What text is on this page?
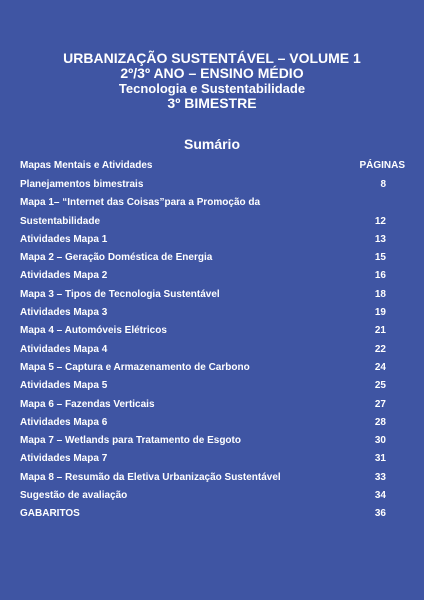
URBANIZAÇÃO SUSTENTÁVEL – VOLUME 1
2º/3º ANO – ENSINO MÉDIO
Tecnologia e Sustentabilidade
3º BIMESTRE
Sumário
Mapas Mentais e Atividades	PÁGINAS
Planejamentos bimestrais	8
Mapa 1– “Internet das Coisas”para a Promoção da
Sustentabilidade	12
Atividades Mapa 1	13
Mapa 2 – Geração Doméstica de Energia	15
Atividades Mapa 2	16
Mapa 3 – Tipos de Tecnologia Sustentável	18
Atividades Mapa 3	19
Mapa 4 – Automóveis Elétricos	21
Atividades Mapa 4	22
Mapa 5 – Captura e Armazenamento de Carbono	24
Atividades Mapa 5	25
Mapa 6 – Fazendas Verticais	27
Atividades Mapa 6	28
Mapa 7 – Wetlands para Tratamento de Esgoto	30
Atividades Mapa 7	31
Mapa 8 – Resumão da Eletiva Urbanização Sustentável	33
Sugestão de avaliação	34
GABARITOS	36
